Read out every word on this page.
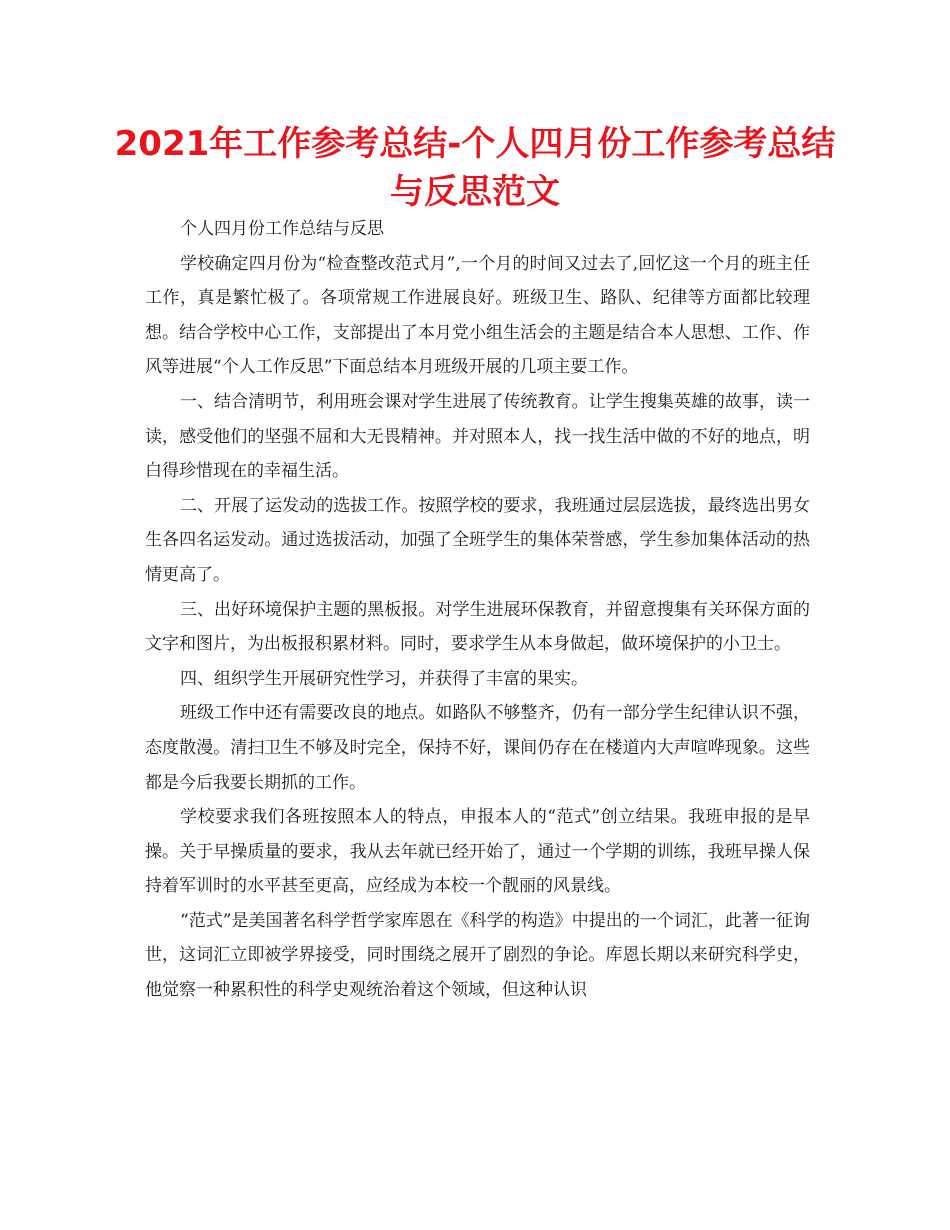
2021年工作参考总结-个人四月份工作参考总结与反思范文

个人四月份工作总结与反思

学校确定四月份为“检查整改范式月”,一个月的时间又过去了,回忆这一个月的班主任工作，真是繁忙极了。各项常规工作进展良好。班级卫生、路队、纪律等方面都比较理想。结合学校中心工作，支部提出了本月党小组生活会的主题是结合本人思想、工作、作风等进展“个人工作反思”下面总结本月班级开展的几项主要工作。

一、结合清明节，利用班会课对学生进展了传统教育。让学生搜集英雄的故事，读一读，感受他们的坚强不屈和大无畏精神。并对照本人，找一找生活中做的不好的地点，明白得珍惜现在的幸福生活。

二、开展了运发动的选拔工作。按照学校的要求，我班通过层层选拔，最终选出男女生各四名运发动。通过选拔活动，加强了全班学生的集体荣誉感，学生参加集体活动的热情更高了。

三、出好环境保护主题的黑板报。对学生进展环保教育，并留意搜集有关环保方面的文字和图片，为出板报积累材料。同时，要求学生从本身做起，做环境保护的小卫士。

四、组织学生开展研究性学习，并获得了丰富的果实。

班级工作中还有需要改良的地点。如路队不够整齐，仍有一部分学生纪律认识不强，态度散漫。清扫卫生不够及时完全，保持不好，课间仍存在在楼道内大声喧哗现象。这些都是今后我要长期抓的工作。

学校要求我们各班按照本人的特点，申报本人的“范式”创立结果。我班申报的是早操。关于早操质量的要求，我从去年就已经开始了，通过一个学期的训练，我班早操人保持着军训时的水平甚至更高，应经成为本校一个靓丽的风景线。

“范式”是美国著名科学哲学家库恩在《科学的构造》中提出的一个词汇，此著一征询世，这词汇立即被学界接受，同时围绕之展开了剧烈的争论。库恩长期以来研究科学史，他觉察一种累积性的科学史观统治着这个领域，但这种认识
